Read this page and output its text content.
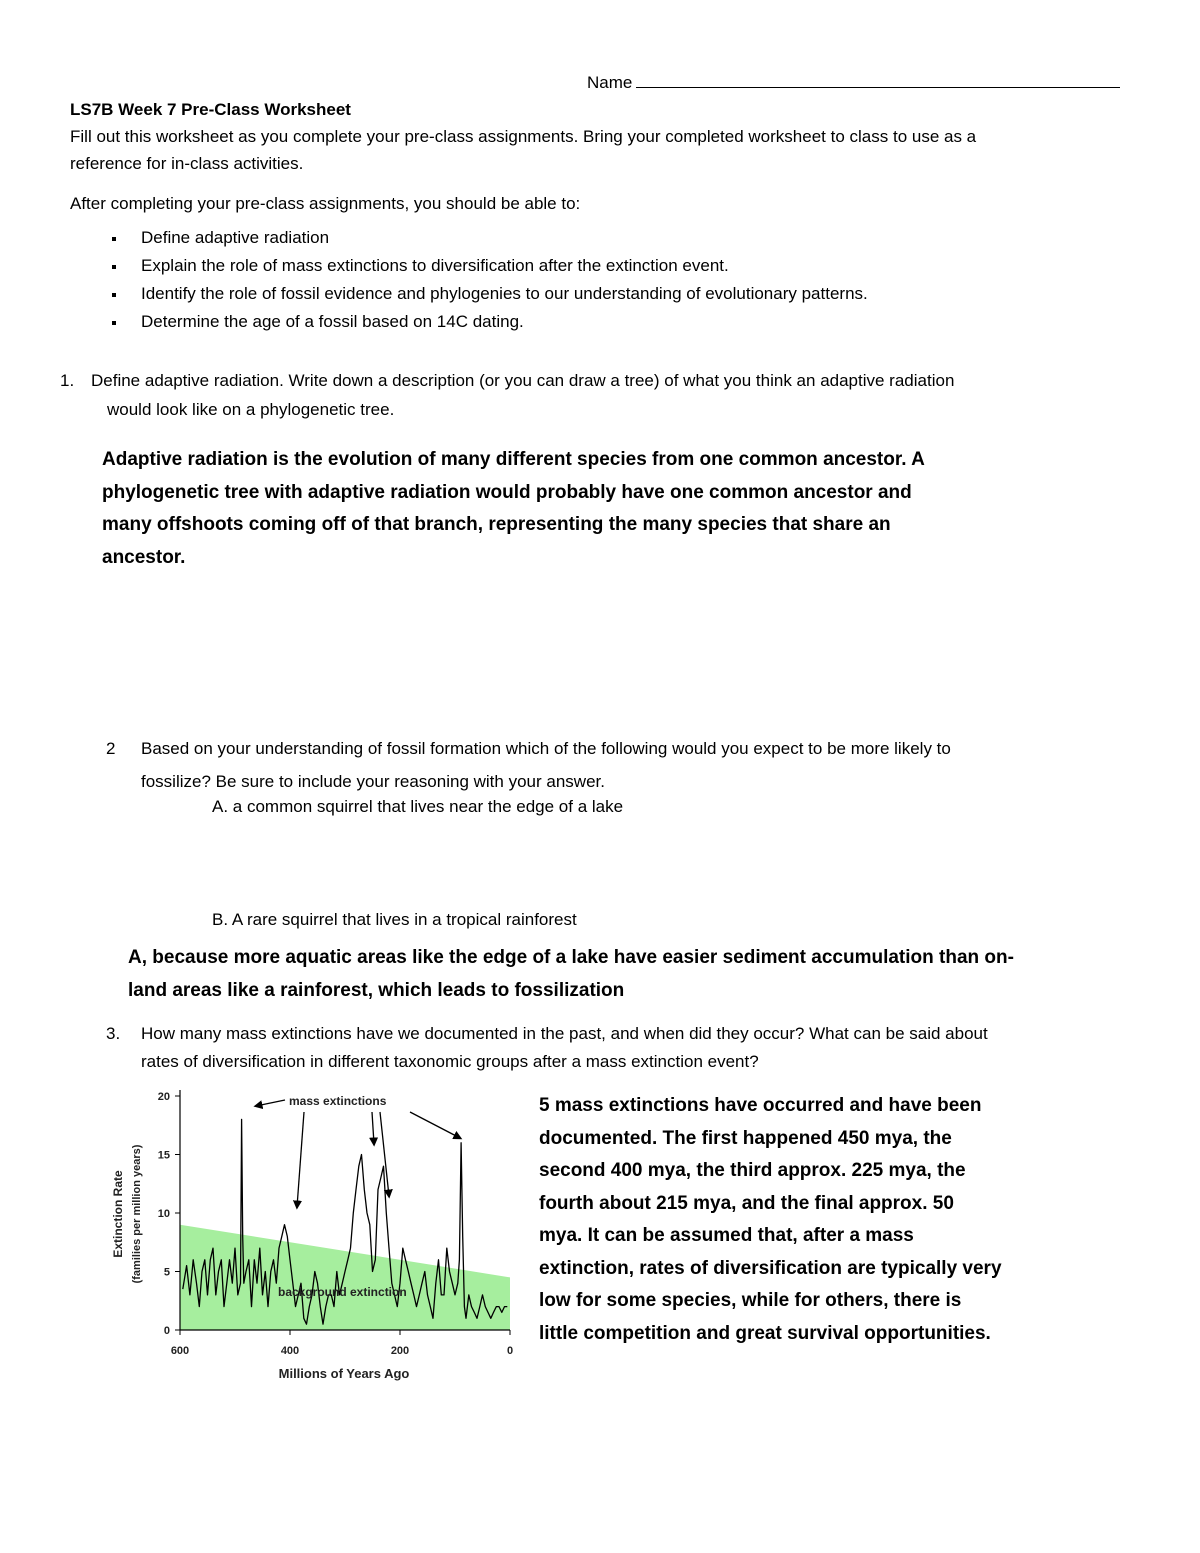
Name
LS7B Week 7 Pre-Class Worksheet
Fill out this worksheet as you complete your pre-class assignments. Bring your completed worksheet to class to use as a
reference for in-class activities.
After completing your pre-class assignments, you should be able to:
Define adaptive radiation
Explain the role of mass extinctions to diversification after the extinction event.
Identify the role of fossil evidence and phylogenies to our understanding of evolutionary patterns.
Determine the age of a fossil based on 14C dating.
1. Define adaptive radiation. Write down a description (or you can draw a tree) of what you think an adaptive radiation
would look like on a phylogenetic tree.
Adaptive radiation is the evolution of many different species from one common ancestor. A
phylogenetic tree with adaptive radiation would probably have one common ancestor and
many offshoots coming off of that branch, representing the many species that share an
ancestor.
2 Based on your understanding of fossil formation which of the following would you expect to be more likely to
fossilize? Be sure to include your reasoning with your answer.
A. a common squirrel that lives near the edge of a lake
B. A rare squirrel that lives in a tropical rainforest
A, because more aquatic areas like the edge of a lake have easier sediment accumulation than on-
land areas like a rainforest, which leads to fossilization
3. How many mass extinctions have we documented in the past, and when did they occur? What can be said about
rates of diversification in different taxonomic groups after a mass extinction event?
5 mass extinctions have occurred and have been
documented. The first happened 450 mya, the
second 400 mya, the third approx. 225 mya, the
fourth about 215 mya, and the final approx. 50
mya. It can be assumed that, after a mass
extinction, rates of diversification are typically very
low for some species, while for others, there is
little competition and great survival opportunities.
0
5
10
15
20
600	400	200	0
Millions of Years Ago
Extinction Rate (families per million years)
mass extinctions
background extinction
